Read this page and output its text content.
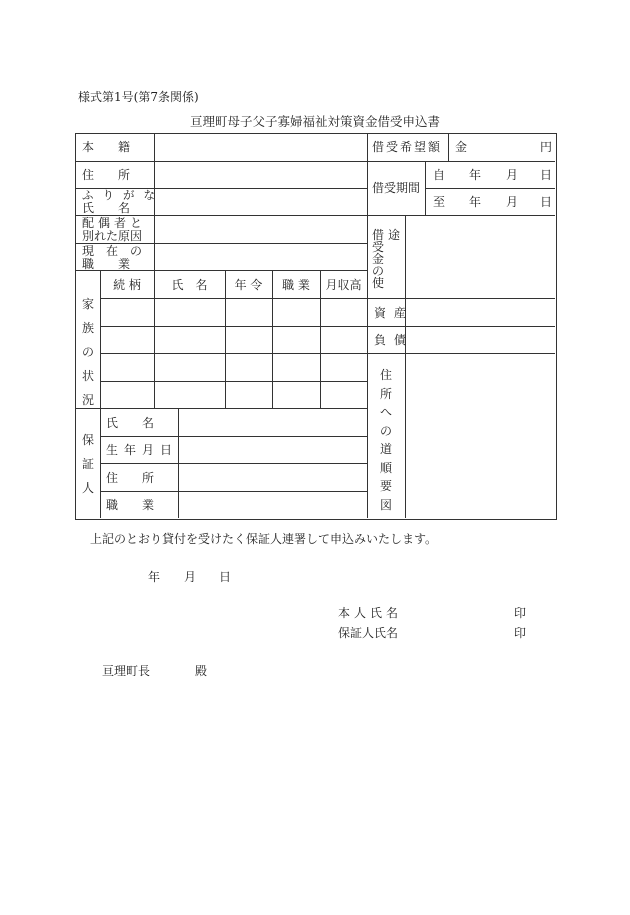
様式第1号(第7条関係)
亘理町母子父子寡婦福祉対策資金借受申込書
本　　籍
住　　所
ふりがな
氏　　名
配偶者と
別れた原因
現　在　の
職　　業
家
族
の
状
況
続 柄	氏　名	年 令	職 業	月収高
保
証
人
氏　　名
生年月日
住　　所
職　　業
借受希望額 金	円
借受期間
自 年 月 日
至 年 月 日
借
受
金
の
使
途
資 産
負 債
住
所
へ
の
道
順
要
図
上記のとおり貸付を受けたく保証人連署して申込みいたします。
年 月 日
本人氏名	印
保証人氏名	印
亘理町長	殿
